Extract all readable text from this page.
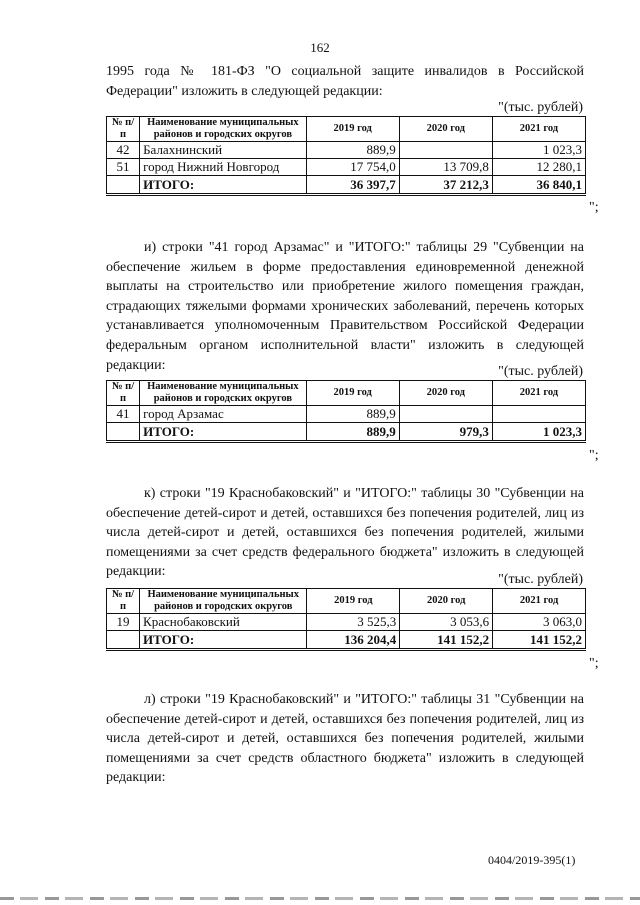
162
1995 года № 181-ФЗ "О социальной защите инвалидов в Российской Федерации" изложить в следующей редакции:
"(тыс. рублей)
№ п/п	Наименование муниципальных районов и городских округов	2019 год	2020 год	2021 год
42	Балахнинский	889,9		1 023,3
51	город Нижний Новгород	17 754,0	13 709,8	12 280,1
	ИТОГО:	36 397,7	37 212,3	36 840,1
";
и) строки "41 город Арзамас" и "ИТОГО:" таблицы 29 "Субвенции на обеспечение жильем в форме предоставления единовременной денежной выплаты на строительство или приобретение жилого помещения граждан, страдающих тяжелыми формами хронических заболеваний, перечень которых устанавливается уполномоченным Правительством Российской Федерации федеральным органом исполнительной власти" изложить в следующей редакции:	"(тыс. рублей)
№ п/п	Наименование муниципальных районов и городских округов	2019 год	2020 год	2021 год
41	город Арзамас	889,9		
	ИТОГО:	889,9	979,3	1 023,3
";
к) строки "19 Краснобаковский" и "ИТОГО:" таблицы 30 "Субвенции на обеспечение детей-сирот и детей, оставшихся без попечения родителей, лиц из числа детей-сирот и детей, оставшихся без попечения родителей, жилыми помещениями за счет средств федерального бюджета" изложить в следующей редакции:
"(тыс. рублей)
№ п/п	Наименование муниципальных районов и городских округов	2019 год	2020 год	2021 год
19	Краснобаковский	3 525,3	3 053,6	3 063,0
	ИТОГО:	136 204,4	141 152,2	141 152,2
";
л) строки "19 Краснобаковский" и "ИТОГО:" таблицы 31 "Субвенции на обеспечение детей-сирот и детей, оставшихся без попечения родителей, лиц из числа детей-сирот и детей, оставшихся без попечения родителей, жилыми помещениями за счет средств областного бюджета" изложить в следующей редакции:
0404/2019-395(1)
